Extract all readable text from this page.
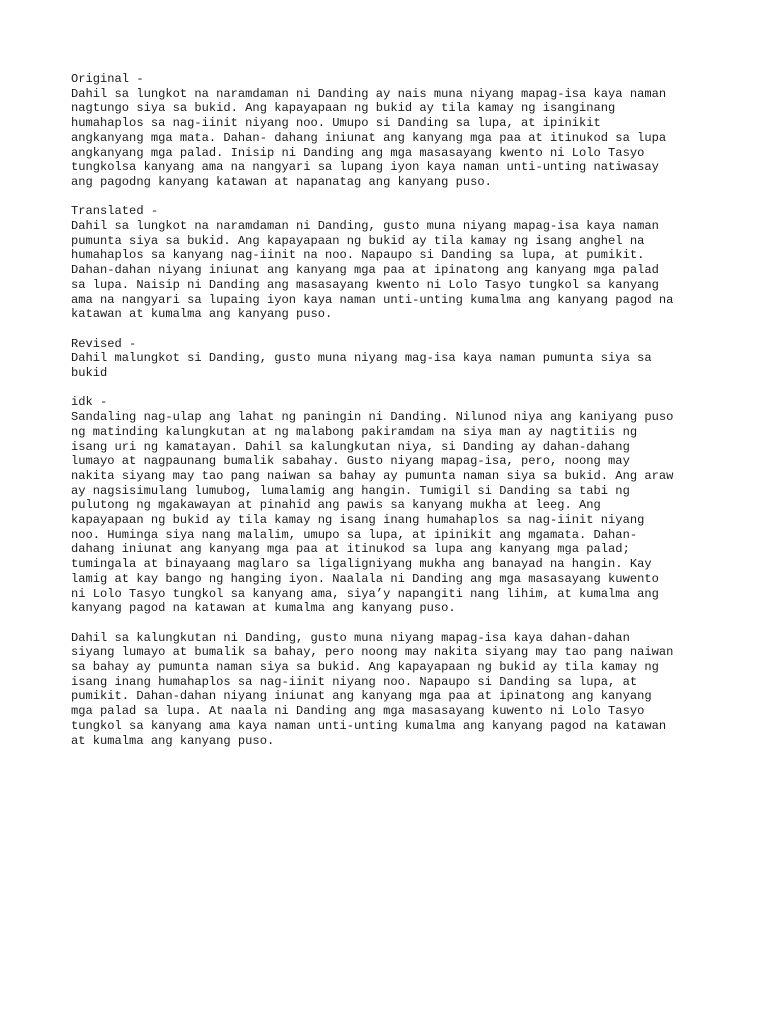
Original -
Dahil sa lungkot na naramdaman ni Danding ay nais muna niyang mapag-isa kaya naman
nagtungo siya sa bukid. Ang kapayapaan ng bukid ay tila kamay ng isanginang
humahaplos sa nag-iinit niyang noo. Umupo si Danding sa lupa, at ipinikit
angkanyang mga mata. Dahan- dahang iniunat ang kanyang mga paa at itinukod sa lupa
angkanyang mga palad. Inisip ni Danding ang mga masasayang kwento ni Lolo Tasyo
tungkolsa kanyang ama na nangyari sa lupang iyon kaya naman unti-unting natiwasay
ang pagodng kanyang katawan at napanatag ang kanyang puso.
Translated -
Dahil sa lungkot na naramdaman ni Danding, gusto muna niyang mapag-isa kaya naman
pumunta siya sa bukid. Ang kapayapaan ng bukid ay tila kamay ng isang anghel na
humahaplos sa kanyang nag-iinit na noo. Napaupo si Danding sa lupa, at pumikit.
Dahan-dahan niyang iniunat ang kanyang mga paa at ipinatong ang kanyang mga palad
sa lupa. Naisip ni Danding ang masasayang kwento ni Lolo Tasyo tungkol sa kanyang
ama na nangyari sa lupaing iyon kaya naman unti-unting kumalma ang kanyang pagod na
katawan at kumalma ang kanyang puso.
Revised -
Dahil malungkot si Danding, gusto muna niyang mag-isa kaya naman pumunta siya sa
bukid
idk -
Sandaling nag-ulap ang lahat ng paningin ni Danding. Nilunod niya ang kaniyang puso
ng matinding kalungkutan at ng malabong pakiramdam na siya man ay nagtitiis ng
isang uri ng kamatayan. Dahil sa kalungkutan niya, si Danding ay dahan-dahang
lumayo at nagpaunang bumalik sabahay. Gusto niyang mapag-isa, pero, noong may
nakita siyang may tao pang naiwan sa bahay ay pumunta naman siya sa bukid. Ang araw
ay nagsisimulang lumubog, lumalamig ang hangin. Tumigil si Danding sa tabi ng
pulutong ng mgakawayan at pinahid ang pawis sa kanyang mukha at leeg. Ang
kapayapaan ng bukid ay tila kamay ng isang inang humahaplos sa nag-iinit niyang
noo. Huminga siya nang malalim, umupo sa lupa, at ipinikit ang mgamata. Dahan-
dahang iniunat ang kanyang mga paa at itinukod sa lupa ang kanyang mga palad;
tumingala at binayaang maglaro sa ligaligniyang mukha ang banayad na hangin. Kay
lamig at kay bango ng hanging iyon. Naalala ni Danding ang mga masasayang kuwento
ni Lolo Tasyo tungkol sa kanyang ama, siya’y napangiti nang lihim, at kumalma ang
kanyang pagod na katawan at kumalma ang kanyang puso.
Dahil sa kalungkutan ni Danding, gusto muna niyang mapag-isa kaya dahan-dahan
siyang lumayo at bumalik sa bahay, pero noong may nakita siyang may tao pang naiwan
sa bahay ay pumunta naman siya sa bukid. Ang kapayapaan ng bukid ay tila kamay ng
isang inang humahaplos sa nag-iinit niyang noo. Napaupo si Danding sa lupa, at
pumikit. Dahan-dahan niyang iniunat ang kanyang mga paa at ipinatong ang kanyang
mga palad sa lupa. At naala ni Danding ang mga masasayang kuwento ni Lolo Tasyo
tungkol sa kanyang ama kaya naman unti-unting kumalma ang kanyang pagod na katawan
at kumalma ang kanyang puso.
